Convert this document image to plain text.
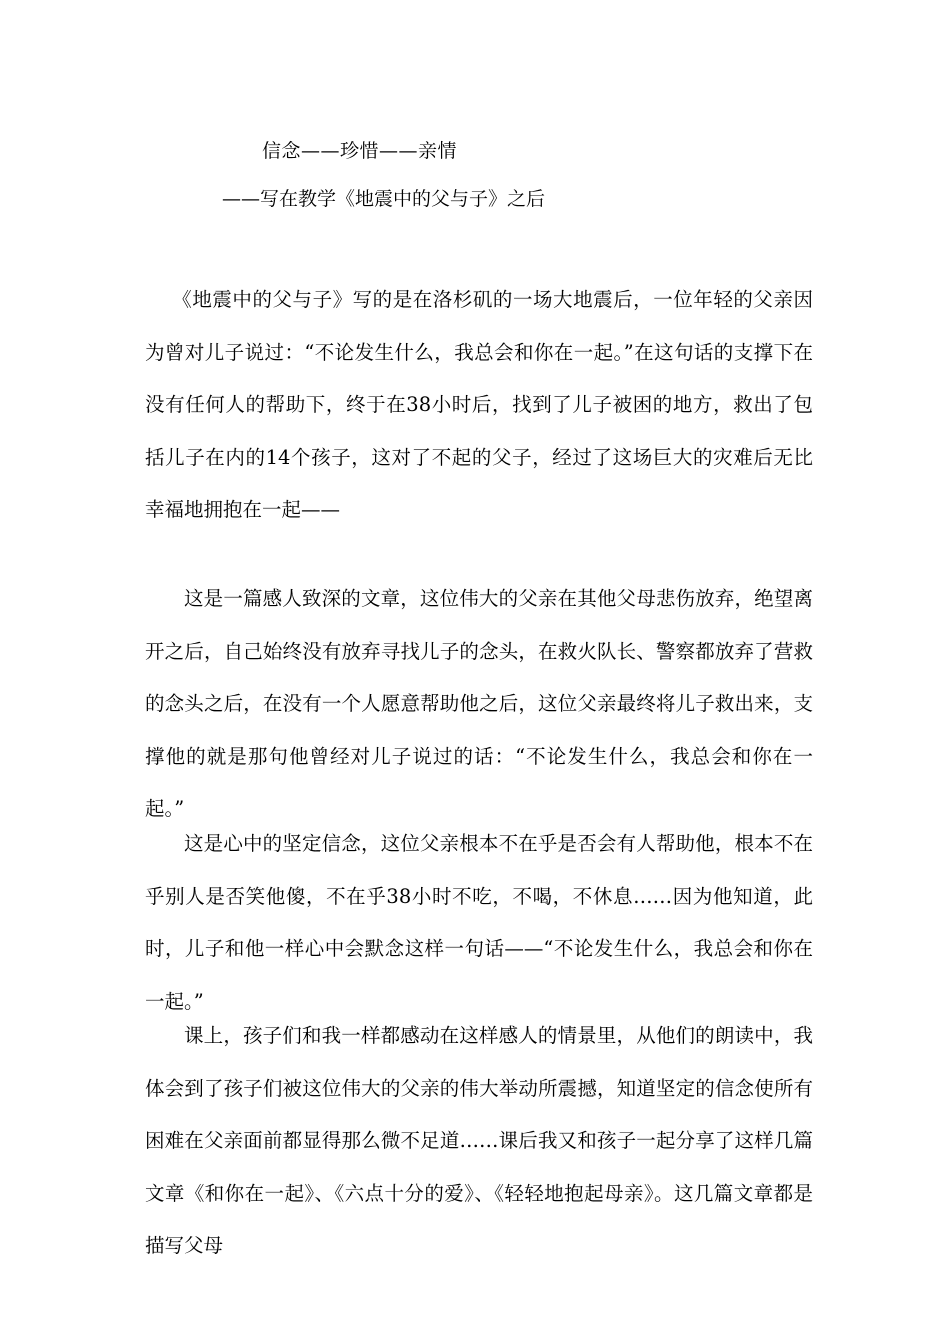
信念——珍惜——亲情
——写在教学《地震中的父与子》之后

《地震中的父与子》写的是在洛杉矶的一场大地震后，一位年轻的父亲因为曾对儿子说过：“不论发生什么，我总会和你在一起。”在这句话的支撑下在没有任何人的帮助下，终于在38小时后，找到了儿子被困的地方，救出了包括儿子在内的14个孩子，这对了不起的父子，经过了这场巨大的灾难后无比幸福地拥抱在一起——

这是一篇感人致深的文章，这位伟大的父亲在其他父母悲伤放弃，绝望离开之后，自己始终没有放弃寻找儿子的念头，在救火队长、警察都放弃了营救的念头之后，在没有一个人愿意帮助他之后，这位父亲最终将儿子救出来，支撑他的就是那句他曾经对儿子说过的话：“不论发生什么，我总会和你在一起。”

这是心中的坚定信念，这位父亲根本不在乎是否会有人帮助他，根本不在乎别人是否笑他傻，不在乎38小时不吃，不喝，不休息……因为他知道，此时，儿子和他一样心中会默念这样一句话——“不论发生什么，我总会和你在一起。”

课上，孩子们和我一样都感动在这样感人的情景里，从他们的朗读中，我体会到了孩子们被这位伟大的父亲的伟大举动所震撼，知道坚定的信念使所有困难在父亲面前都显得那么微不足道……课后我又和孩子一起分享了这样几篇文章《和你在一起》、《六点十分的爱》、《轻轻地抱起母亲》。这几篇文章都是描写父母
